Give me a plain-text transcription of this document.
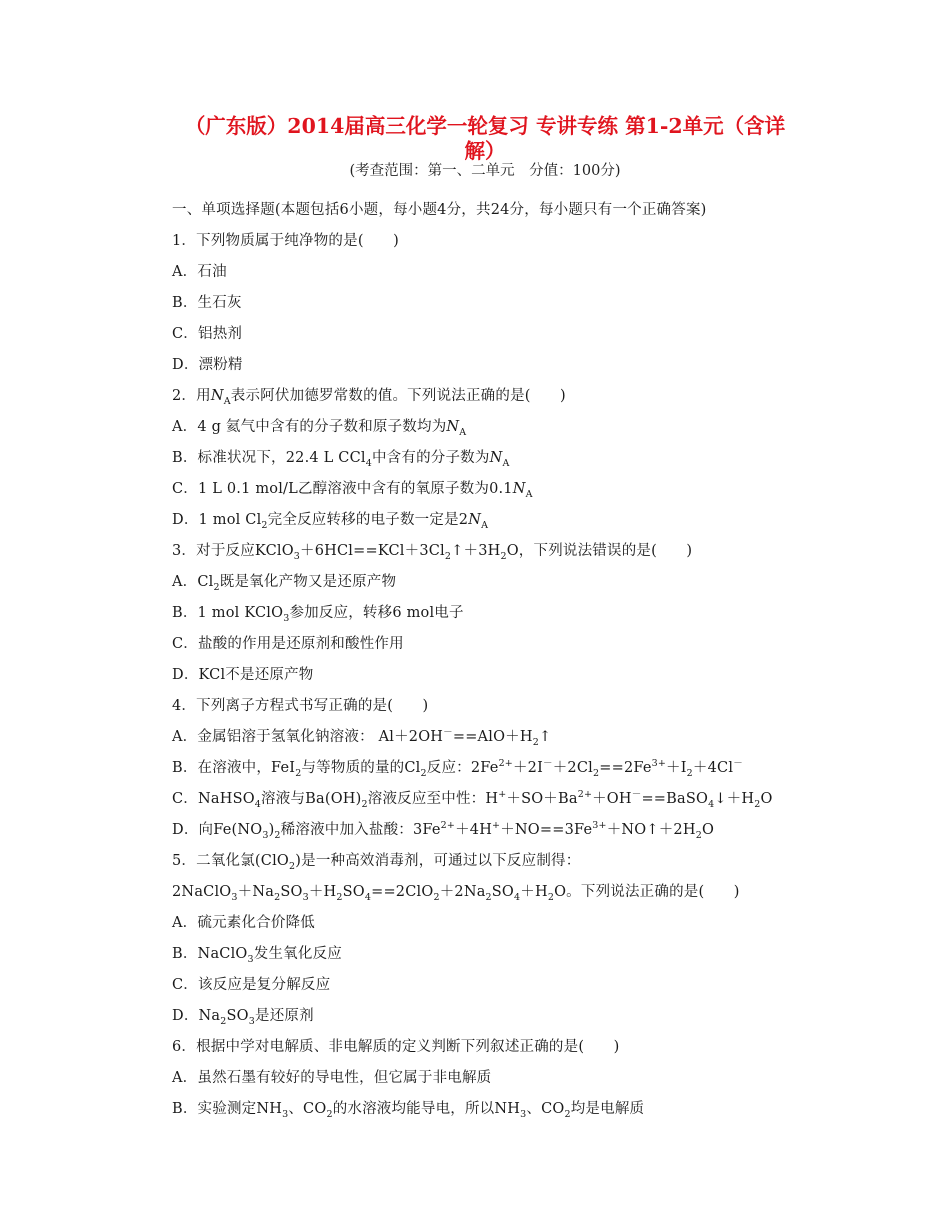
（广东版）2014届高三化学一轮复习 专讲专练 第1-2单元（含详
解）
(考查范围：第一、二单元　分值：100分)
一、单项选择题(本题包括6小题，每小题4分，共24分，每小题只有一个正确答案)
1．下列物质属于纯净物的是(　　)
A．石油
B．生石灰
C．铝热剂
D．漂粉精
2．用$N_A$表示阿伏加德罗常数的值。下列说法正确的是(　　)
A．4 g 氦气中含有的分子数和原子数均为$N_A$
B．标准状况下，22.4 L CCl$_4$中含有的分子数为$N_A$
C．1 L 0.1 mol/L乙醇溶液中含有的氧原子数为$0.1N_A$
D．1 mol $Cl_2$完全反应转移的电子数一定是$2N_A$
3．对于反应$KClO_3+6HCl==KCl+3Cl_2↑+3H_2O$，下列说法错误的是(　　)
A．$Cl_2$既是氧化产物又是还原产物
B．1 mol KClO$_3$参加反应，转移6 mol电子
C．盐酸的作用是还原剂和酸性作用
D．KCl不是还原产物
4．下列离子方程式书写正确的是(　　)
A．金属铝溶于氢氧化钠溶液： $Al+2OH^-==AlO+H_2↑$
B．在溶液中，FeI$_2$与等物质的量的$Cl_2$反应：$2Fe^{2+}+2I^-+2Cl_2==2Fe^{3+}+I_2+4Cl^-$
C．NaHSO$_4$溶液与$Ba(OH)_2$溶液反应至中性：$H^++SO+Ba^{2+}+OH^-==BaSO_4↓+H_2O$
D．向$Fe(NO_3)_2$稀溶液中加入盐酸：$3Fe^{2+}+4H^++NO==3Fe^{3+}+NO↑+2H_2O$
5．二氧化氯(ClO$_2$)是一种高效消毒剂，可通过以下反应制得：
$2NaClO_3+Na_2SO_3+H_2SO_4==2ClO_2+2Na_2SO_4+H_2O$。下列说法正确的是(　　)
A．硫元素化合价降低
B．NaClO$_3$发生氧化反应
C．该反应是复分解反应
D．$Na_2SO_3$是还原剂
6．根据中学对电解质、非电解质的定义判断下列叙述正确的是(　　)
A．虽然石墨有较好的导电性，但它属于非电解质
B．实验测定$NH_3$、$CO_2$的水溶液均能导电，所以$NH_3$、$CO_2$均是电解质
